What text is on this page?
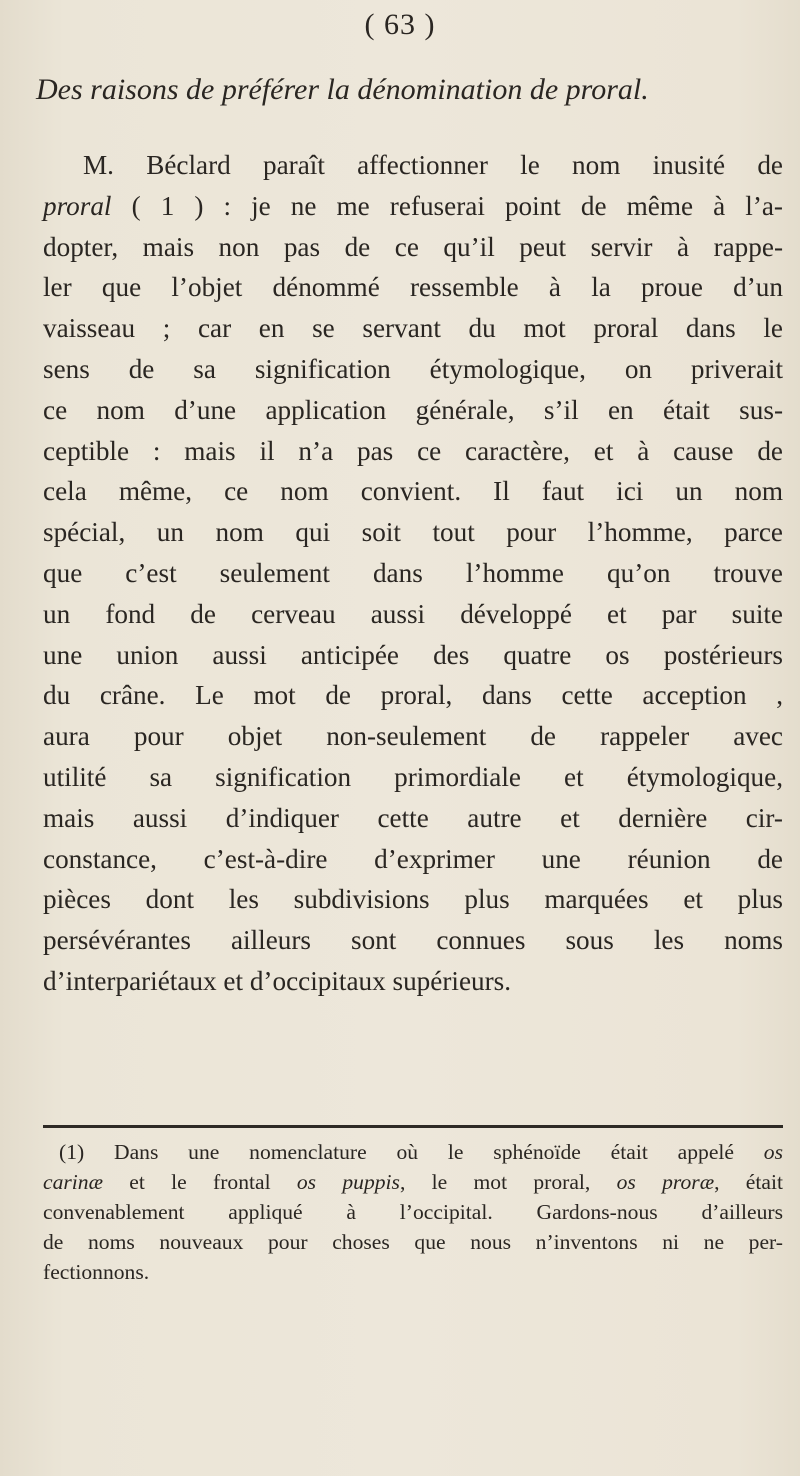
( 63 )
Des raisons de préférer la dénomination de proral.
M. Béclard paraît affectionner le nom inusité de
proral ( 1 ) : je ne me refuserai point de même à l’a-
dopter, mais non pas de ce qu’il peut servir à rappe-
ler que l’objet dénommé ressemble à la proue d’un
vaisseau ; car en se servant du mot proral dans le
sens de sa signification étymologique, on priverait
ce nom d’une application générale, s’il en était sus-
ceptible : mais il n’a pas ce caractère, et à cause de
cela même, ce nom convient. Il faut ici un nom
spécial, un nom qui soit tout pour l’homme, parce
que c’est seulement dans l’homme qu’on trouve
un fond de cerveau aussi développé et par suite
une union aussi anticipée des quatre os postérieurs
du crâne. Le mot de proral, dans cette acception ,
aura pour objet non-seulement de rappeler avec
utilité sa signification primordiale et étymologique,
mais aussi d’indiquer cette autre et dernière cir-
constance, c’est-à-dire d’exprimer une réunion de
pièces dont les subdivisions plus marquées et plus
persévérantes ailleurs sont connues sous les noms
d’interpariétaux et d’occipitaux supérieurs.
(1) Dans une nomenclature où le sphénoïde était appelé os
carinæ et le frontal os puppis, le mot proral, os proræ, était
convenablement appliqué à l’occipital. Gardons-nous d’ailleurs
de noms nouveaux pour choses que nous n’inventons ni ne per-
fectionnons.
